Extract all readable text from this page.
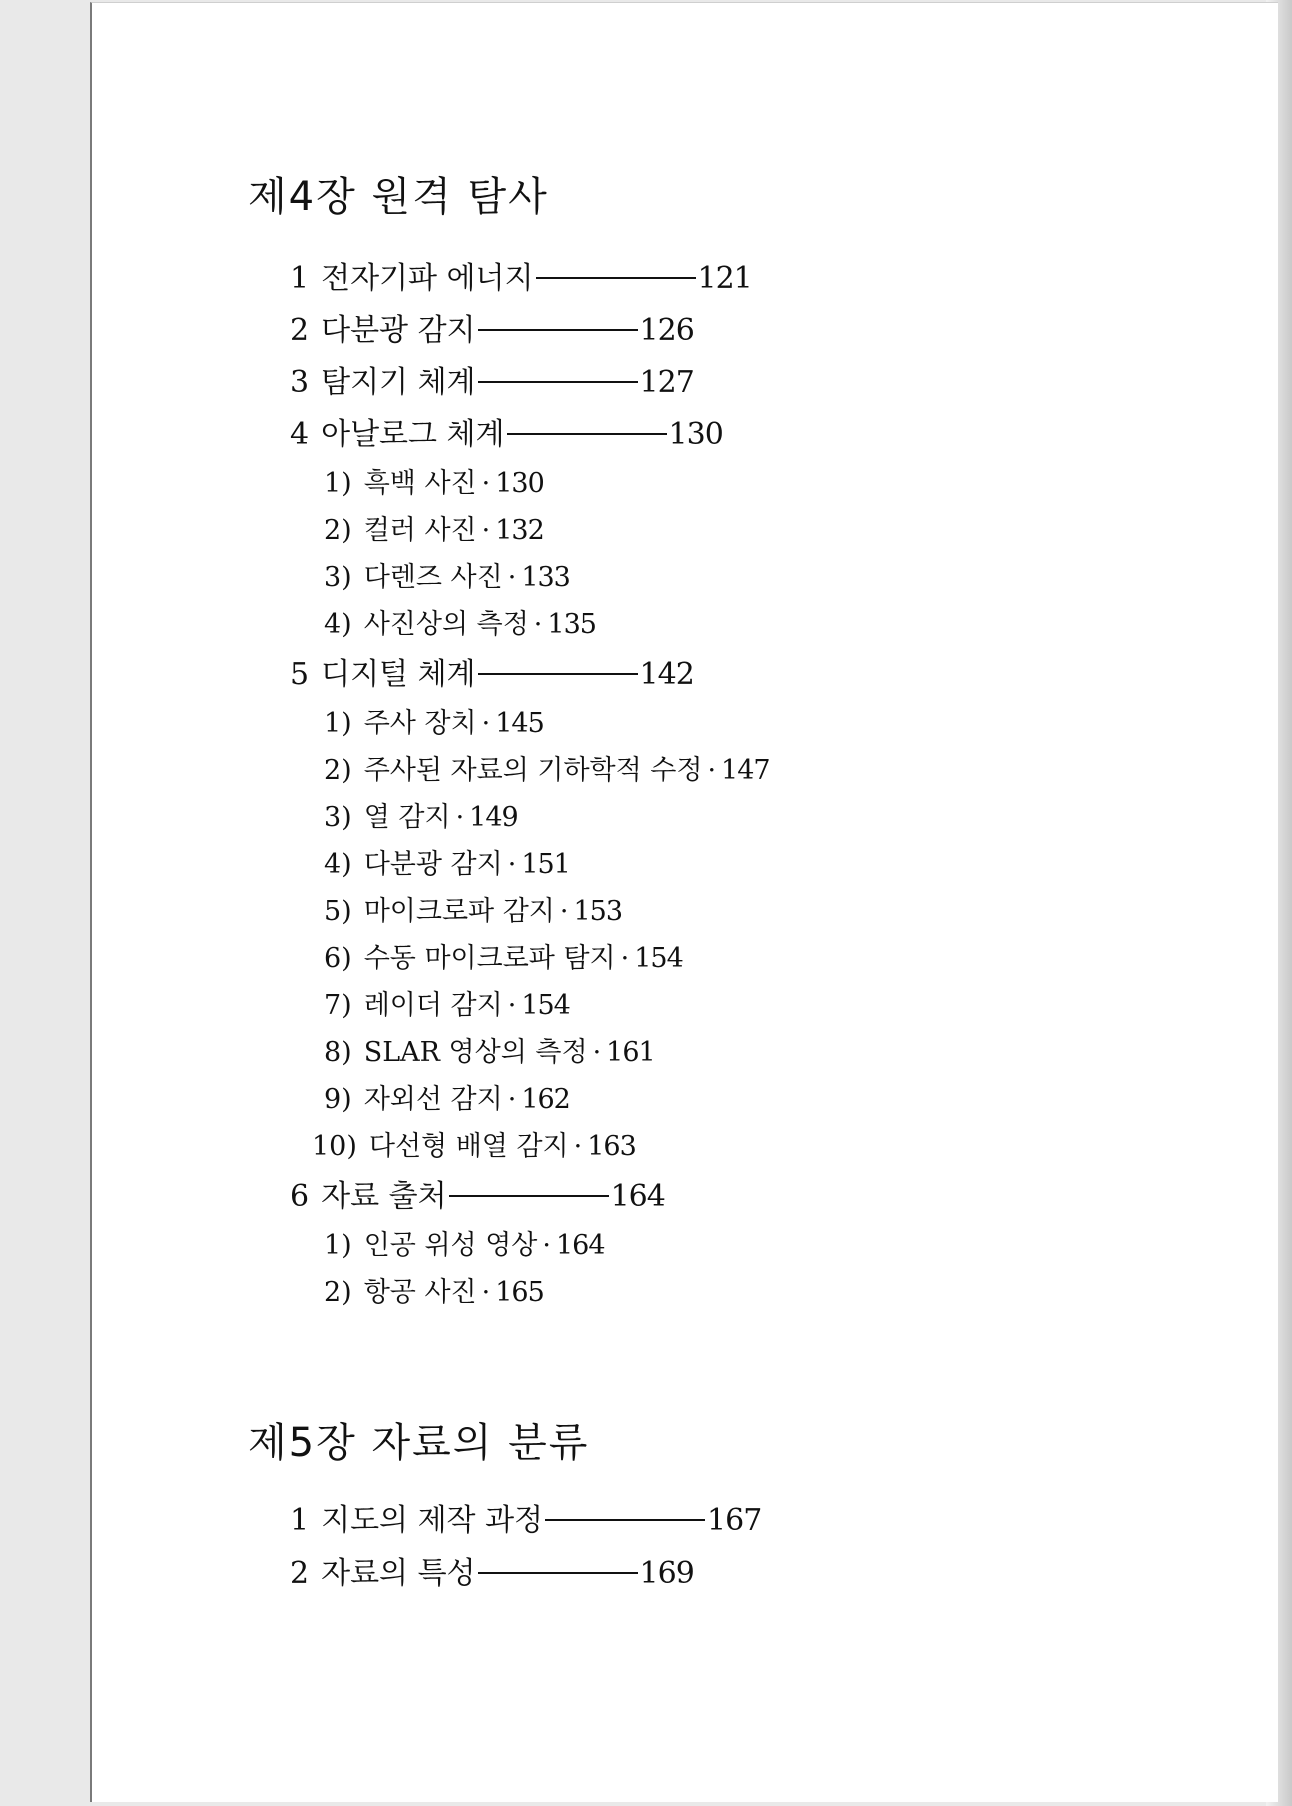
제4장 원격 탐사
1 전자기파 에너지	121
2 다분광 감지	126
3 탐지기 체계	127
4 아날로그 체계	130
1) 흑백 사진 · 130
2) 컬러 사진 · 132
3) 다렌즈 사진 · 133
4) 사진상의 측정 · 135
5 디지털 체계	142
1) 주사 장치 · 145
2) 주사된 자료의 기하학적 수정 · 147
3) 열 감지 · 149
4) 다분광 감지 · 151
5) 마이크로파 감지 · 153
6) 수동 마이크로파 탐지 · 154
7) 레이더 감지 · 154
8) SLAR 영상의 측정 · 161
9) 자외선 감지 · 162
10) 다선형 배열 감지 · 163
6 자료 출처	164
1) 인공 위성 영상 · 164
2) 항공 사진 · 165
제5장 자료의 분류
1 지도의 제작 과정	167
2 자료의 특성	169
